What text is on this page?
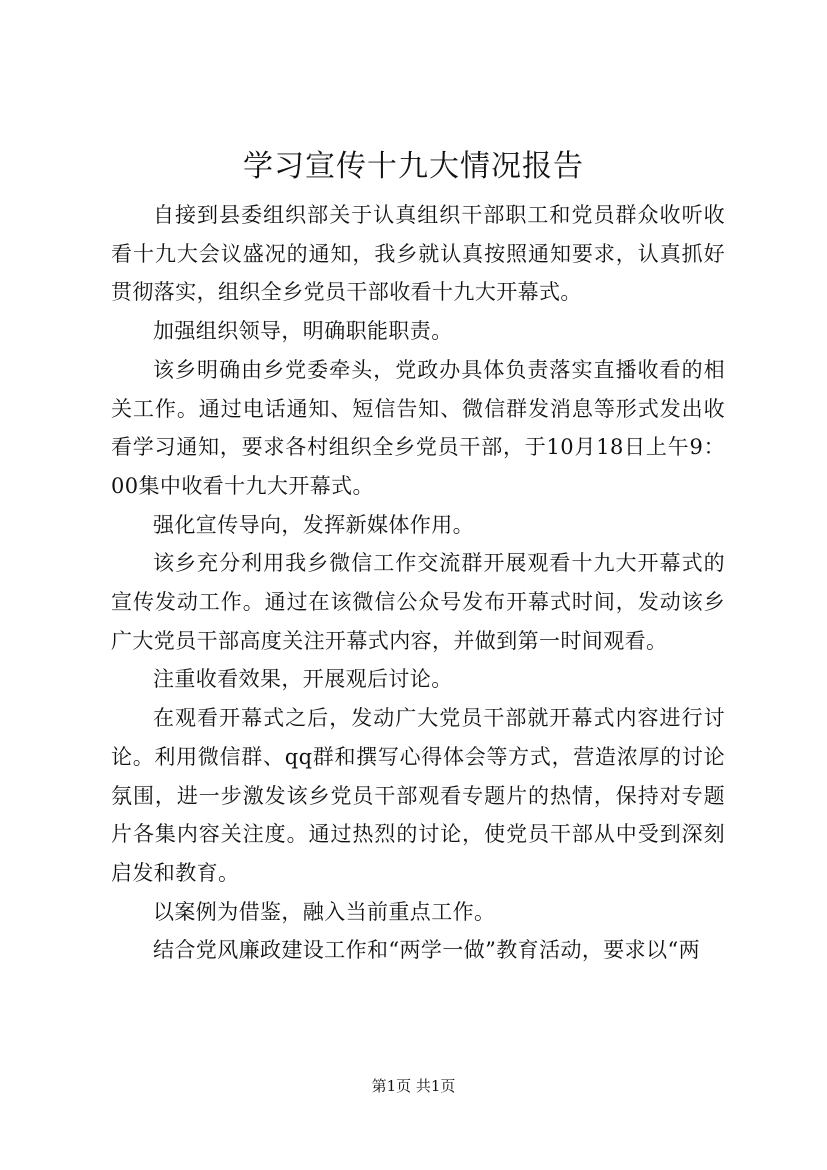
学习宣传十九大情况报告

自接到县委组织部关于认真组织干部职工和党员群众收听收看十九大会议盛况的通知，我乡就认真按照通知要求，认真抓好贯彻落实，组织全乡党员干部收看十九大开幕式。

加强组织领导，明确职能职责。

该乡明确由乡党委牵头，党政办具体负责落实直播收看的相关工作。通过电话通知、短信告知、微信群发消息等形式发出收看学习通知，要求各村组织全乡党员干部，于10月18日上午9：00集中收看十九大开幕式。

强化宣传导向，发挥新媒体作用。

该乡充分利用我乡微信工作交流群开展观看十九大开幕式的宣传发动工作。通过在该微信公众号发布开幕式时间，发动该乡广大党员干部高度关注开幕式内容，并做到第一时间观看。

注重收看效果，开展观后讨论。

在观看开幕式之后，发动广大党员干部就开幕式内容进行讨论。利用微信群、qq群和撰写心得体会等方式，营造浓厚的讨论氛围，进一步激发该乡党员干部观看专题片的热情，保持对专题片各集内容关注度。通过热烈的讨论，使党员干部从中受到深刻启发和教育。

以案例为借鉴，融入当前重点工作。

结合党风廉政建设工作和“两学一做”教育活动，要求以“两

第1页 共1页
